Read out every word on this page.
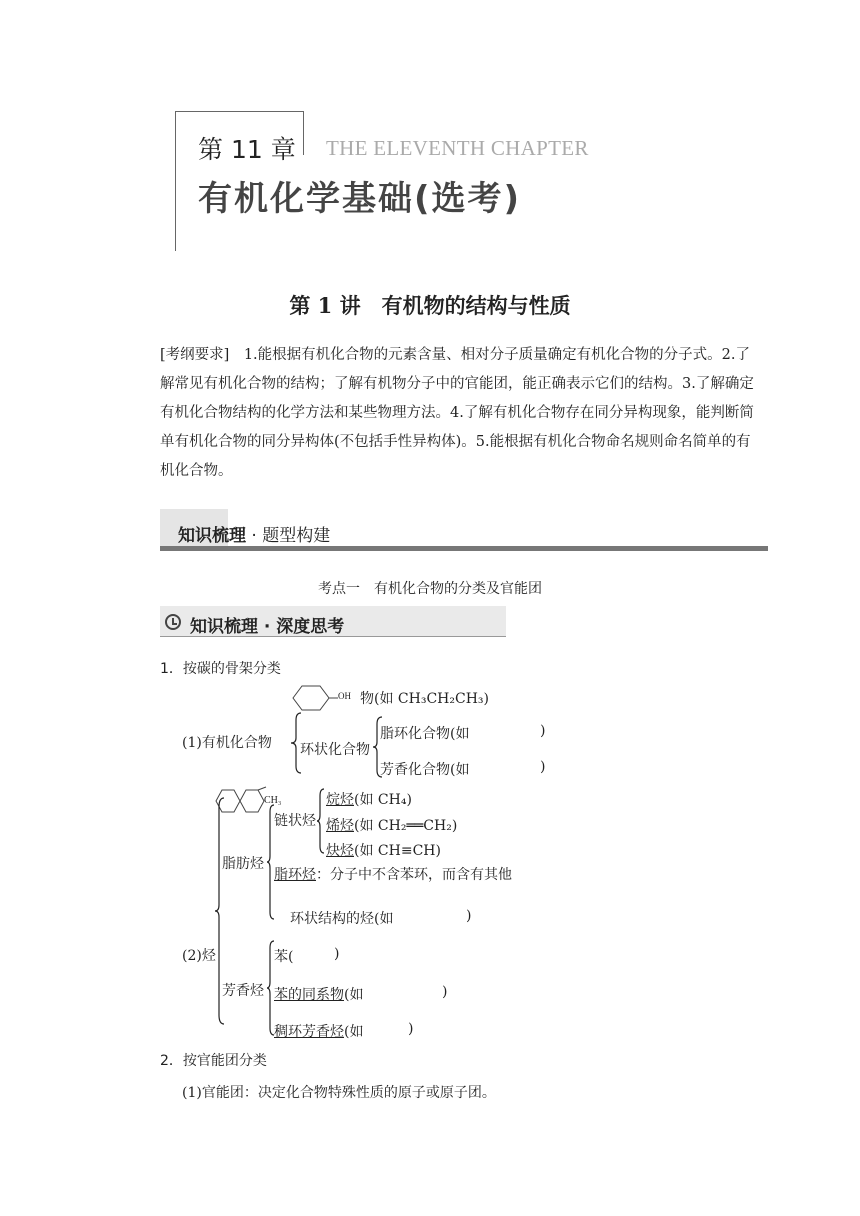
第 11 章 THE ELEVENTH CHAPTER
有机化学基础(选考)
第 1 讲　有机物的结构与性质

[考纲要求]　1.能根据有机化合物的元素含量、相对分子质量确定有机化合物的分子式。2.了解常见有机化合物的结构；了解有机物分子中的官能团，能正确表示它们的结构。3.了解确定有机化合物结构的化学方法和某些物理方法。4.了解有机化合物存在同分异构现象，能判断简单有机化合物的同分异构体(不包括手性异构体)。5.能根据有机化合物命名规则命名简单的有机化合物。

知识梳理 · 题型构建
考点一　有机化合物的分类及官能团
知识梳理 · 深度思考
1．按碳的骨架分类
OH 物(如 CH₃CH₂CH₃)
(1)有机化合物 环状化合物
脂环化合物(如	)
芳香化合物(如	)
CH₃
(2)烃
脂肪烃
链状烃
烷烃(如 CH₄)
烯烃(如 CH₂══CH₂)
炔烃(如 CH≡CH)
脂环烃：分子中不含苯环，而含有其他
环状结构的烃(如	)
芳香烃
苯(	)
苯的同系物(如	)
稠环芳香烃(如	)
2．按官能团分类
(1)官能团：决定化合物特殊性质的原子或原子团。
